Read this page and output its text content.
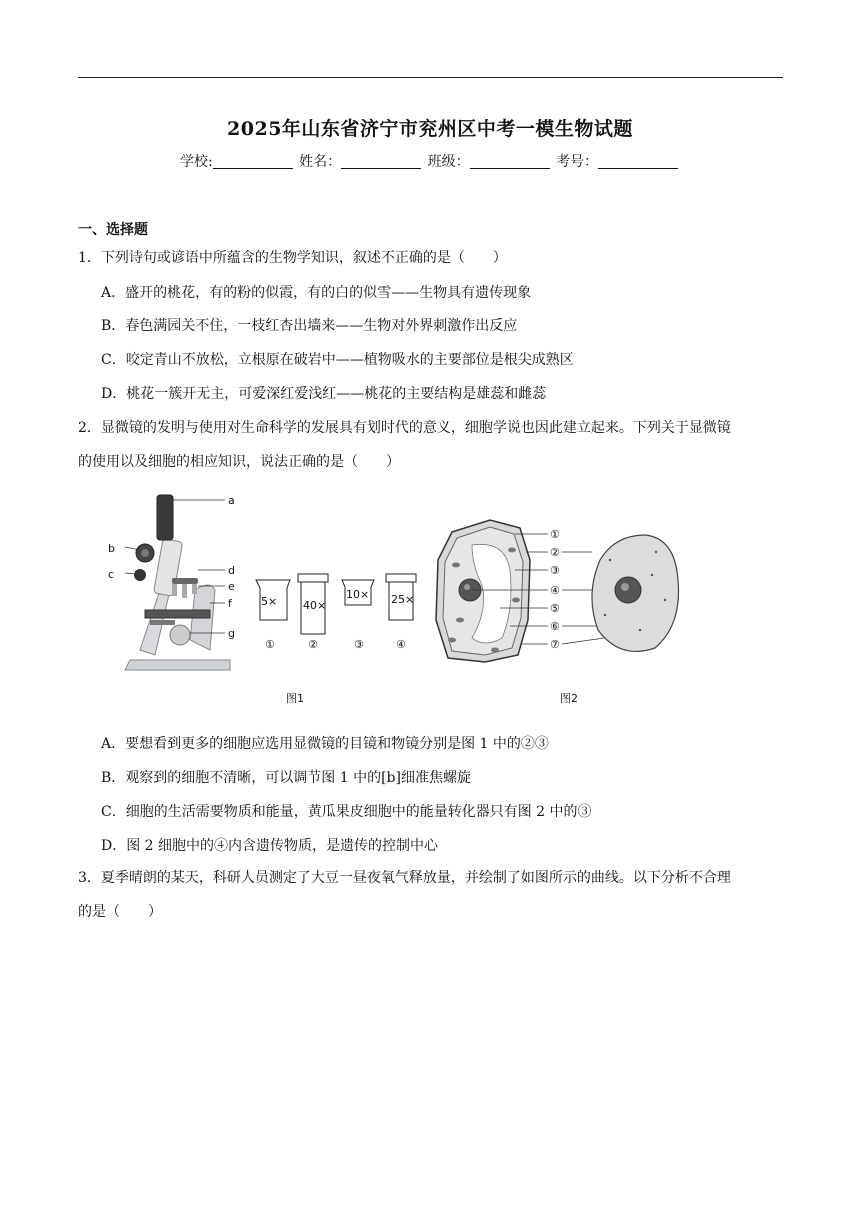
2025年山东省济宁市兖州区中考一模生物试题
学校:	姓名：	班级：	考号：
一、选择题
1．下列诗句或谚语中所蕴含的生物学知识，叙述不正确的是（　　）
A．盛开的桃花，有的粉的似霞，有的白的似雪——生物具有遗传现象
B．春色满园关不住，一枝红杏出墙来——生物对外界刺激作出反应
C．咬定青山不放松，立根原在破岩中——植物吸水的主要部位是根尖成熟区
D．桃花一簇开无主，可爱深红爱浅红——桃花的主要结构是雄蕊和雌蕊
2．显微镜的发明与使用对生命科学的发展具有划时代的意义，细胞学说也因此建立起来。下列关于显微镜
的使用以及细胞的相应知识，说法正确的是（　　）
a
b
c	d
e
f
g
5× 40×
10× 25×
①	②	③	④
图1
①
②
③
④
⑤
⑥
⑦
图2
A．要想看到更多的细胞应选用显微镜的目镜和物镜分别是图 1 中的②③
B．观察到的细胞不清晰，可以调节图 1 中的[b]细准焦螺旋
C．细胞的生活需要物质和能量，黄瓜果皮细胞中的能量转化器只有图 2 中的③
D．图 2 细胞中的④内含遗传物质，是遗传的控制中心
3．夏季晴朗的某天，科研人员测定了大豆一昼夜氧气释放量，并绘制了如图所示的曲线。以下分析不合理
的是（　　）
